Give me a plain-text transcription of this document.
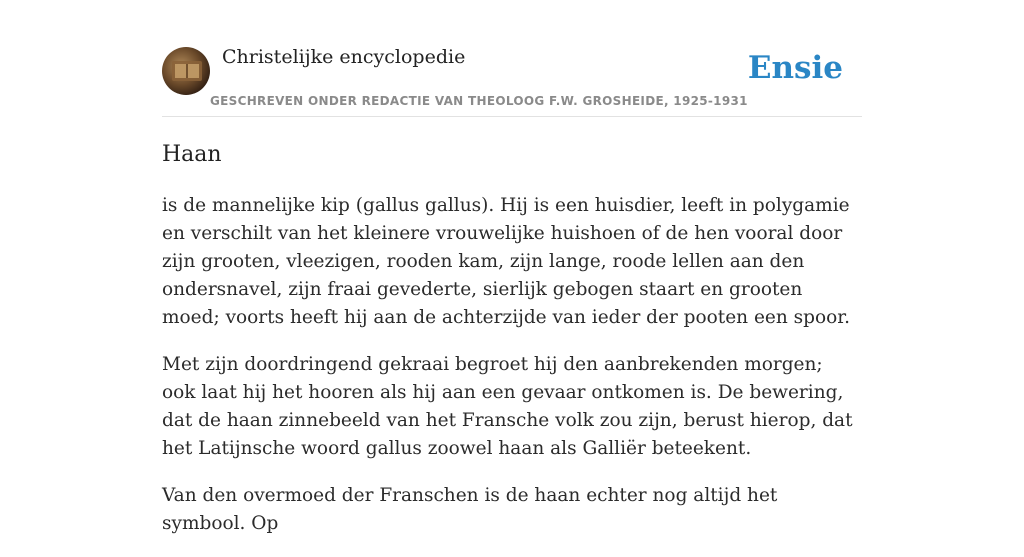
Christelijke encyclopedie
GESCHREVEN ONDER REDACTIE VAN THEOLOOG F.W. GROSHEIDE, 1925-1931
Ensie
Haan

is de mannelijke kip (gallus gallus). Hij is een huisdier, leeft in polygamie en verschilt van het kleinere vrouwelijke huishoen of de hen vooral door zijn grooten, vleezigen, rooden kam, zijn lange, roode lellen aan den ondersnavel, zijn fraai gevederte, sierlijk gebogen staart en grooten moed; voorts heeft hij aan de achterzijde van ieder der pooten een spoor.

Met zijn doordringend gekraai begroet hij den aanbrekenden morgen; ook laat hij het hooren als hij aan een gevaar ontkomen is. De bewering, dat de haan zinnebeeld van het Fransche volk zou zijn, berust hierop, dat het Latijnsche woord gallus zoowel haan als Galliër beteekent.

Van den overmoed der Franschen is de haan echter nog altijd het symbool. Op
